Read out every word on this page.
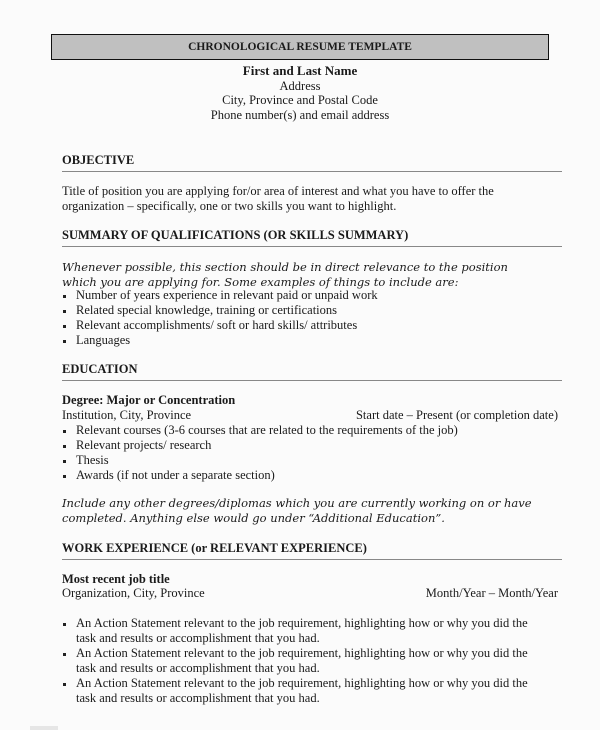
CHRONOLOGICAL RESUME TEMPLATE
First and Last Name
Address
City, Province and Postal Code
Phone number(s) and email address
OBJECTIVE
Title of position you are applying for/or area of interest and what you have to offer the organization – specifically, one or two skills you want to highlight.
SUMMARY OF QUALIFICATIONS (OR SKILLS SUMMARY)
Whenever possible, this section should be in direct relevance to the position which you are applying for. Some examples of things to include are:
Number of years experience in relevant paid or unpaid work
Related special knowledge, training or certifications
Relevant accomplishments/ soft or hard skills/ attributes
Languages
EDUCATION
Degree: Major or Concentration
Institution, City, Province	Start date – Present (or completion date)
Relevant courses (3-6 courses that are related to the requirements of the job)
Relevant projects/ research
Thesis
Awards (if not under a separate section)
Include any other degrees/diplomas which you are currently working on or have completed. Anything else would go under “Additional Education”.
WORK EXPERIENCE (or RELEVANT EXPERIENCE)
Most recent job title
Organization, City, Province	Month/Year – Month/Year
An Action Statement relevant to the job requirement, highlighting how or why you did the task and results or accomplishment that you had.
An Action Statement relevant to the job requirement, highlighting how or why you did the task and results or accomplishment that you had.
An Action Statement relevant to the job requirement, highlighting how or why you did the task and results or accomplishment that you had.
